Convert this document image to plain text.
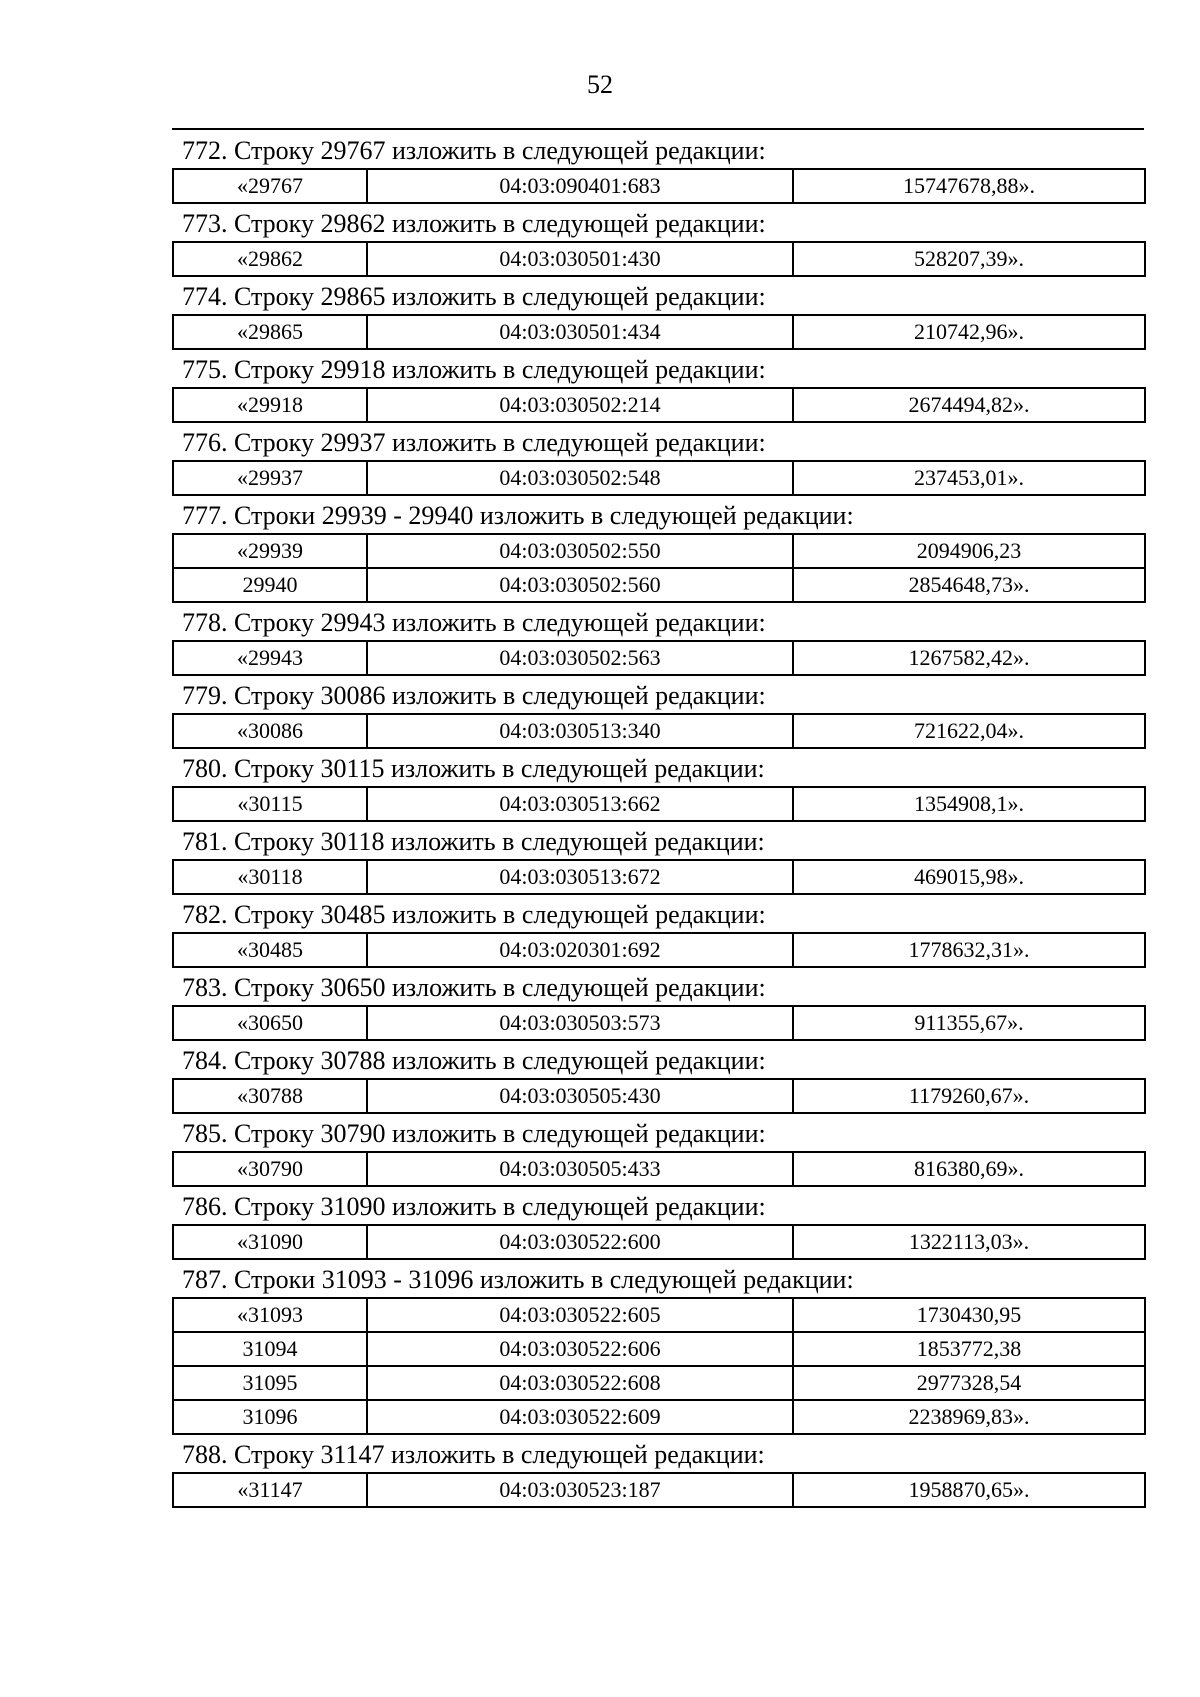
52
772. Строку 29767 изложить в следующей редакции:
«29767	04:03:090401:683	15747678,88».
773. Строку 29862 изложить в следующей редакции:
«29862	04:03:030501:430	528207,39».
774. Строку 29865 изложить в следующей редакции:
«29865	04:03:030501:434	210742,96».
775. Строку 29918 изложить в следующей редакции:
«29918	04:03:030502:214	2674494,82».
776. Строку 29937 изложить в следующей редакции:
«29937	04:03:030502:548	237453,01».
777. Строки 29939 - 29940 изложить в следующей редакции:
«29939	04:03:030502:550	2094906,23
29940	04:03:030502:560	2854648,73».
778. Строку 29943 изложить в следующей редакции:
«29943	04:03:030502:563	1267582,42».
779. Строку 30086 изложить в следующей редакции:
«30086	04:03:030513:340	721622,04».
780. Строку 30115 изложить в следующей редакции:
«30115	04:03:030513:662	1354908,1».
781. Строку 30118 изложить в следующей редакции:
«30118	04:03:030513:672	469015,98».
782. Строку 30485 изложить в следующей редакции:
«30485	04:03:020301:692	1778632,31».
783. Строку 30650 изложить в следующей редакции:
«30650	04:03:030503:573	911355,67».
784. Строку 30788 изложить в следующей редакции:
«30788	04:03:030505:430	1179260,67».
785. Строку 30790 изложить в следующей редакции:
«30790	04:03:030505:433	816380,69».
786. Строку 31090 изложить в следующей редакции:
«31090	04:03:030522:600	1322113,03».
787. Строки 31093 - 31096 изложить в следующей редакции:
«31093	04:03:030522:605	1730430,95
31094	04:03:030522:606	1853772,38
31095	04:03:030522:608	2977328,54
31096	04:03:030522:609	2238969,83».
788. Строку 31147 изложить в следующей редакции:
«31147	04:03:030523:187	1958870,65».
